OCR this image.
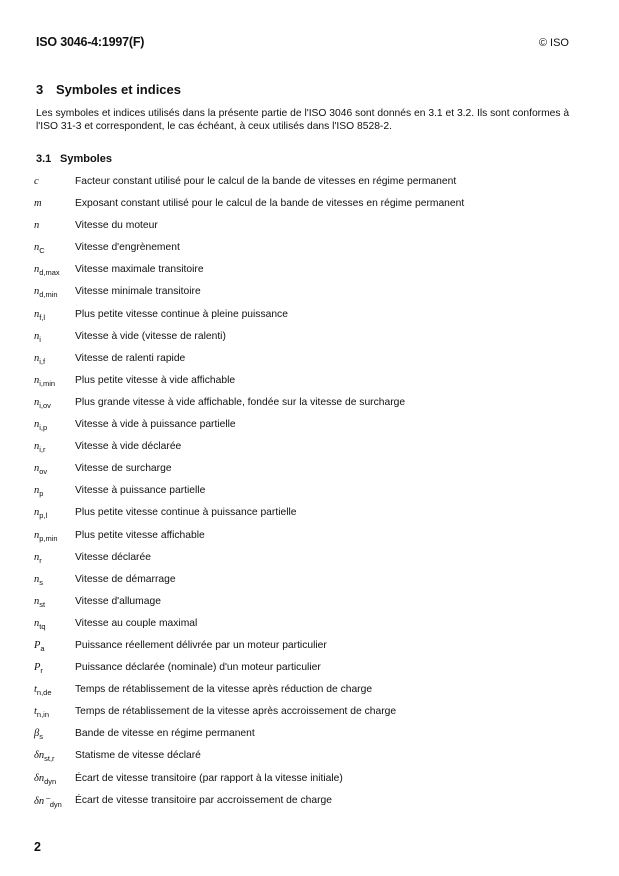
ISO 3046-4:1997(F)	© ISO
3 Symboles et indices
Les symboles et indices utilisés dans la présente partie de l'ISO 3046 sont donnés en 3.1 et 3.2. Ils sont conformes à l'ISO 31-3 et correspondent, le cas échéant, à ceux utilisés dans l'ISO 8528-2.
3.1 Symboles
c	Facteur constant utilisé pour le calcul de la bande de vitesses en régime permanent
m	Exposant constant utilisé pour le calcul de la bande de vitesses en régime permanent
n	Vitesse du moteur
$n_C$	Vitesse d'engrènement
$n_{d,max}$	Vitesse maximale transitoire
$n_{d,min}$	Vitesse minimale transitoire
$n_{f,l}$	Plus petite vitesse continue à pleine puissance
$n_i$	Vitesse à vide (vitesse de ralenti)
$n_{i,f}$	Vitesse de ralenti rapide
$n_{i,min}$	Plus petite vitesse à vide affichable
$n_{i,ov}$	Plus grande vitesse à vide affichable, fondée sur la vitesse de surcharge
$n_{i,p}$	Vitesse à vide à puissance partielle
$n_{i,r}$	Vitesse à vide déclarée
$n_{ov}$	Vitesse de surcharge
$n_p$	Vitesse à puissance partielle
$n_{p,l}$	Plus petite vitesse continue à puissance partielle
$n_{p,min}$	Plus petite vitesse affichable
$n_r$	Vitesse déclarée
$n_s$	Vitesse de démarrage
$n_{st}$	Vitesse d'allumage
$n_{tq}$	Vitesse au couple maximal
$P_a$	Puissance réellement délivrée par un moteur particulier
$P_r$	Puissance déclarée (nominale) d'un moteur particulier
$t_{n,de}$	Temps de rétablissement de la vitesse après réduction de charge
$t_{n,in}$	Temps de rétablissement de la vitesse après accroissement de charge
$\beta_s$	Bande de vitesse en régime permanent
$\delta n_{st,r}$	Statisme de vitesse déclaré
$\delta n_{dyn}$	Écart de vitesse transitoire (par rapport à la vitesse initiale)
$\delta n^-_{dyn}$	Écart de vitesse transitoire par accroissement de charge
2
